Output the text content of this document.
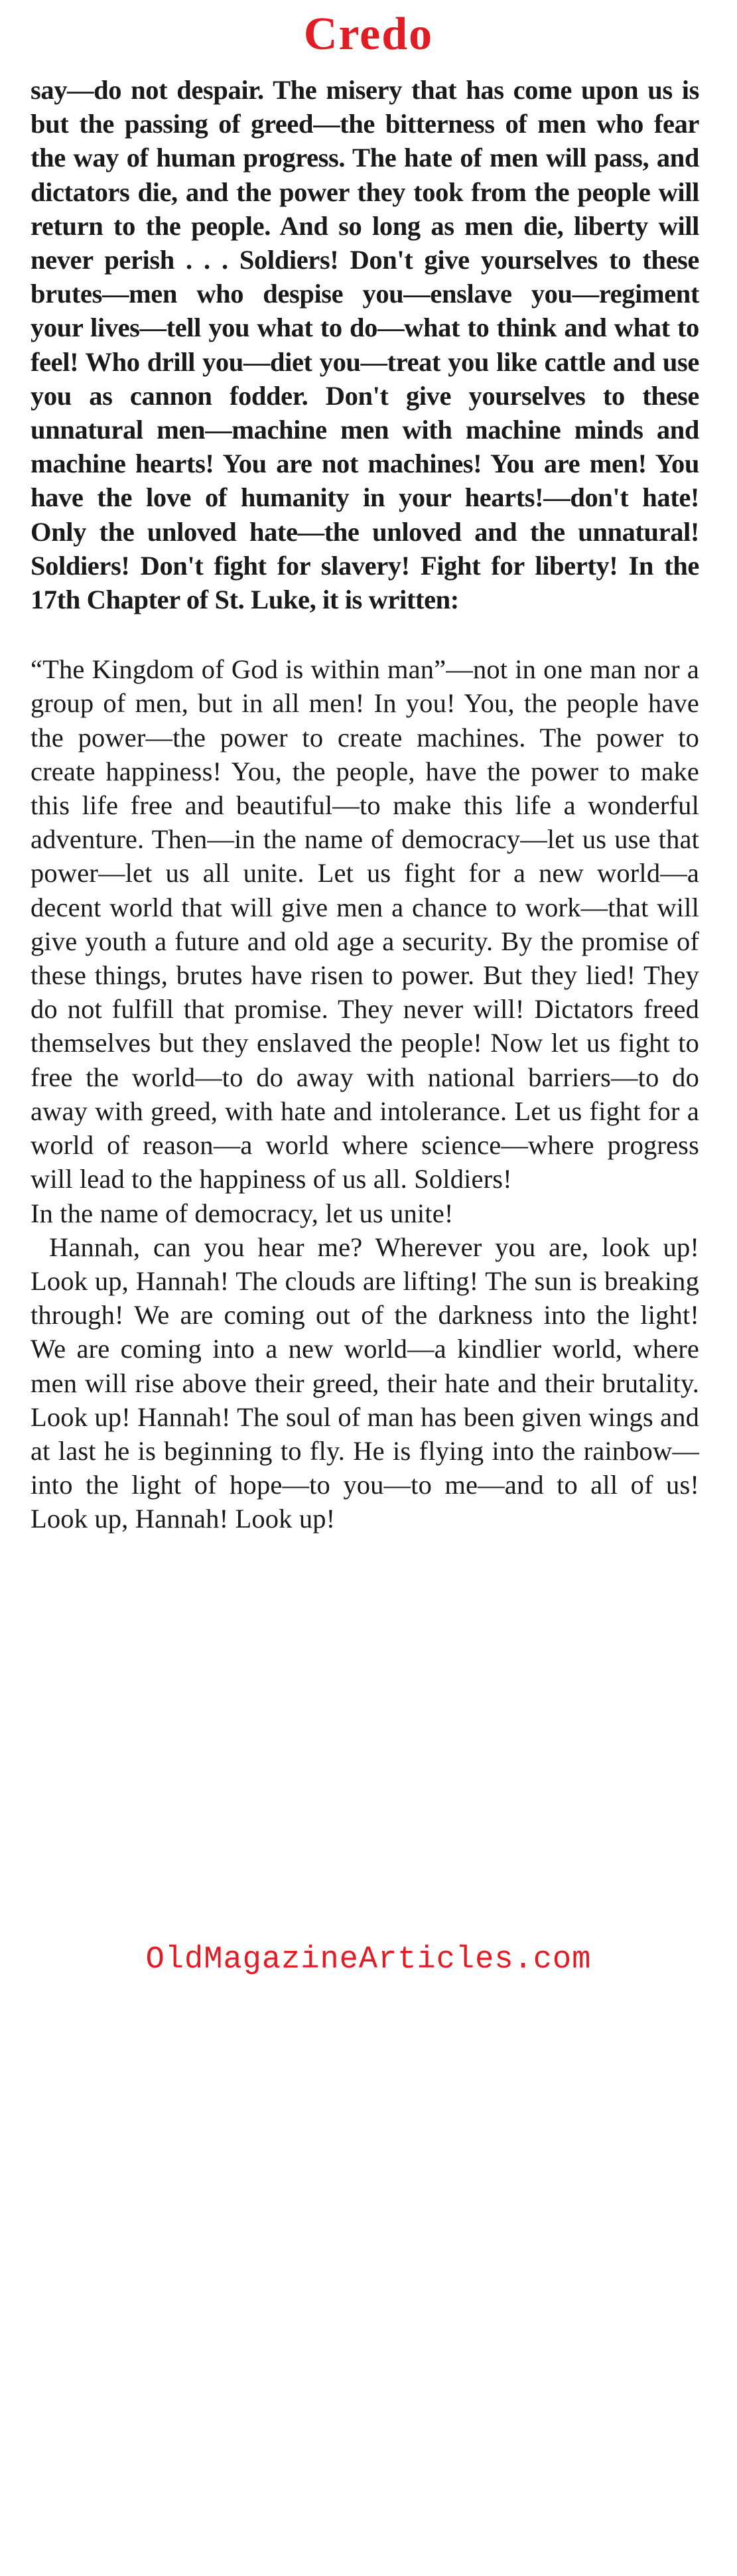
Credo

say—do not despair. The misery that has come upon us is but the passing of greed—the bitterness of men who fear the way of human progress. The hate of men will pass, and dictators die, and the power they took from the people will return to the people. And so long as men die, liberty will never perish . . . Soldiers! Don't give yourselves to these brutes—men who despise you—enslave you—regiment your lives—tell you what to do—what to think and what to feel! Who drill you—diet you—treat you like cattle and use you as cannon fodder. Don't give yourselves to these unnatural men—machine men with machine minds and machine hearts! You are not machines! You are men! You have the love of humanity in your hearts!—don't hate! Only the unloved hate—the unloved and the unnatural! Soldiers! Don't fight for slavery! Fight for liberty! In the 17th Chapter of St. Luke, it is written:

“The Kingdom of God is within man”—not in one man nor a group of men, but in all men! In you! You, the people have the power—the power to create machines. The power to create happiness! You, the people, have the power to make this life free and beautiful—to make this life a wonderful adventure. Then—in the name of democracy—let us use that power—let us all unite. Let us fight for a new world—a decent world that will give men a chance to work—that will give youth a future and old age a security. By the promise of these things, brutes have risen to power. But they lied! They do not fulfill that promise. They never will! Dictators freed themselves but they enslaved the people! Now let us fight to free the world—to do away with national barriers—to do away with greed, with hate and intolerance. Let us fight for a world of reason—a world where science—where progress will lead to the happiness of us all. Soldiers!

In the name of democracy, let us unite!

Hannah, can you hear me? Wherever you are, look up! Look up, Hannah! The clouds are lifting! The sun is breaking through! We are coming out of the darkness into the light! We are coming into a new world—a kindlier world, where men will rise above their greed, their hate and their brutality. Look up! Hannah! The soul of man has been given wings and at last he is beginning to fly. He is flying into the rainbow—into the light of hope—to you—to me—and to all of us! Look up, Hannah! Look up!

OldMagazineArticles.com
